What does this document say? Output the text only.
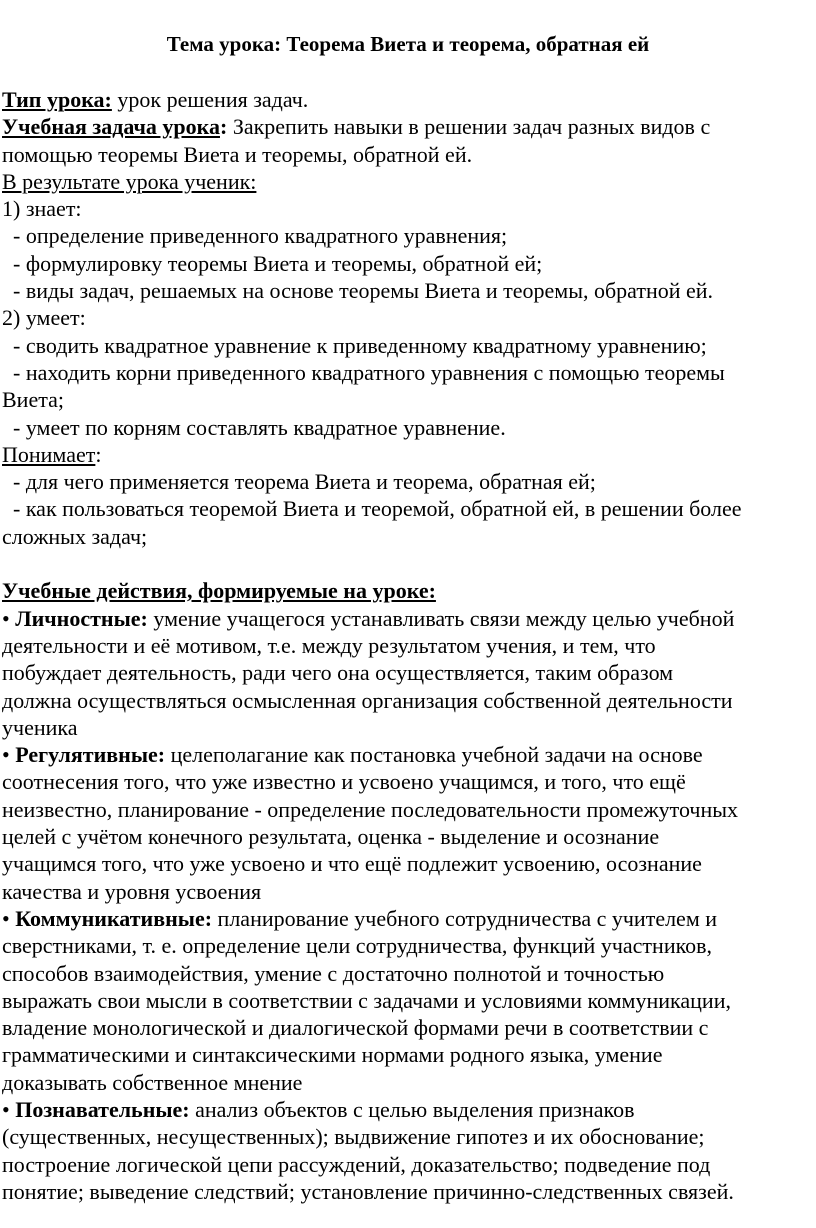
Тема урока: Теорема Виета и теорема, обратная ей
Тип урока: урок решения задач.
Учебная задача урока: Закрепить навыки в решении задач разных видов с
помощью теоремы Виета и теоремы, обратной ей.
В результате урока ученик:
1) знает:
- определение приведенного квадратного уравнения;
- формулировку теоремы Виета и теоремы, обратной ей;
- виды задач, решаемых на основе теоремы Виета и теоремы, обратной ей.
2) умеет:
- сводить квадратное уравнение к приведенному квадратному уравнению;
- находить корни приведенного квадратного уравнения с помощью теоремы
Виета;
- умеет по корням составлять квадратное уравнение.
Понимает:
- для чего применяется теорема Виета и теорема, обратная ей;
- как пользоваться теоремой Виета и теоремой, обратной ей, в решении более
сложных задач;
Учебные действия, формируемые на уроке:
• Личностные: умение учащегося устанавливать связи между целью учебной
деятельности и её мотивом, т.е. между результатом учения, и тем, что
побуждает деятельность, ради чего она осуществляется, таким образом
должна осуществляться осмысленная организация собственной деятельности
ученика
• Регулятивные: целеполагание как постановка учебной задачи на основе
соотнесения того, что уже известно и усвоено учащимся, и того, что ещё
неизвестно, планирование - определение последовательности промежуточных
целей с учётом конечного результата, оценка - выделение и осознание
учащимся того, что уже усвоено и что ещё подлежит усвоению, осознание
качества и уровня усвоения
• Коммуникативные: планирование учебного сотрудничества с учителем и
сверстниками, т. е. определение цели сотрудничества, функций участников,
способов взаимодействия, умение с достаточно полнотой и точностью
выражать свои мысли в соответствии с задачами и условиями коммуникации,
владение монологической и диалогической формами речи в соответствии с
грамматическими и синтаксическими нормами родного языка, умение
доказывать собственное мнение
• Познавательные: анализ объектов с целью выделения признаков
(существенных, несущественных); выдвижение гипотез и их обоснование;
построение логической цепи рассуждений, доказательство; подведение под
понятие; выведение следствий; установление причинно-следственных связей.
